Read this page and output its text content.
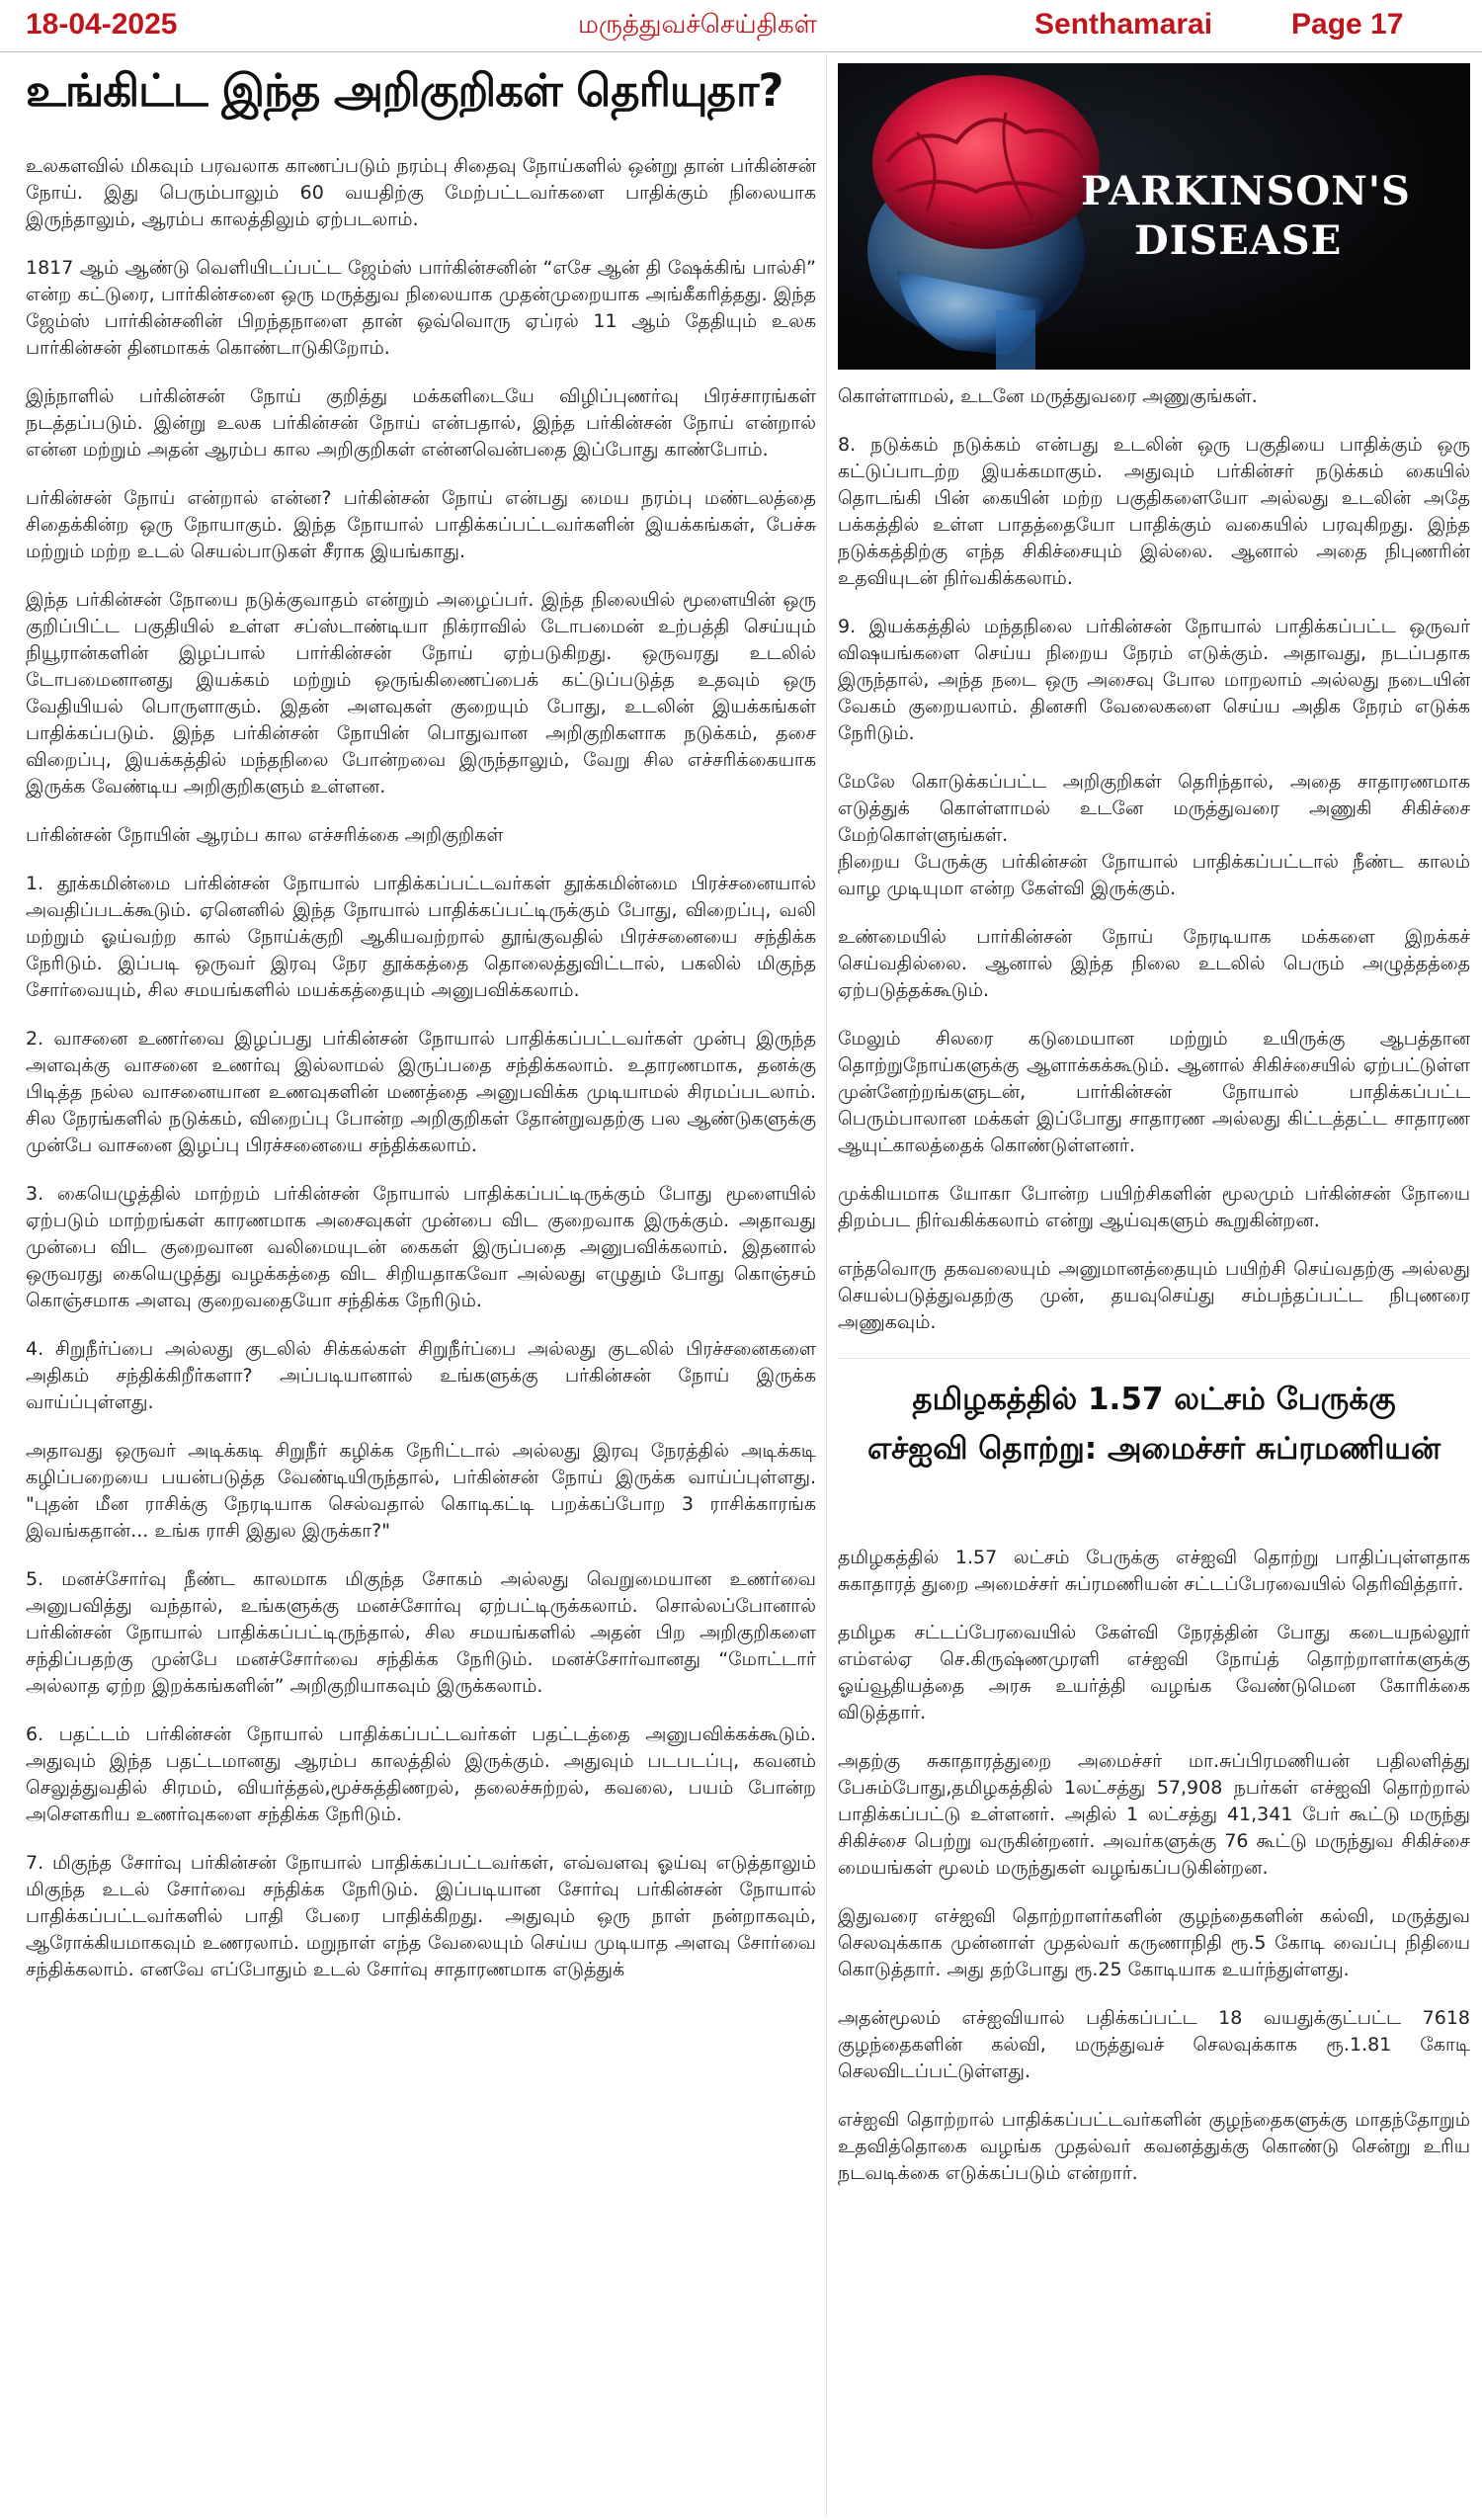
18-04-2025	மருத்துவச்செய்திகள்	Senthamarai	Page 17
உங்கிட்ட இந்த அறிகுறிகள் தெரியுதா?

உலகளவில் மிகவும் பரவலாக காணப்படும் நரம்பு சிதைவு நோய்களில் ஒன்று தான் பர்கின்சன் நோய். இது பெரும்பாலும் 60 வயதிற்கு மேற்பட்டவர்களை பாதிக்கும் நிலையாக இருந்தாலும், ஆரம்ப காலத்திலும் ஏற்படலாம்.

1817 ஆம் ஆண்டு வெளியிடப்பட்ட ஜேம்ஸ் பார்கின்சனின் “எசே ஆன் தி ஷேக்கிங் பால்சி” என்ற கட்டுரை, பார்கின்சனை ஒரு மருத்துவ நிலையாக முதன்முறையாக அங்கீகரித்தது. இந்த ஜேம்ஸ் பார்கின்சனின் பிறந்தநாளை தான் ஒவ்வொரு ஏப்ரல் 11 ஆம் தேதியும் உலக பார்கின்சன் தினமாகக் கொண்டாடுகிறோம்.

இந்நாளில் பர்கின்சன் நோய் குறித்து மக்களிடையே விழிப்புணர்வு பிரச்சாரங்கள் நடத்தப்படும். இன்று உலக பர்கின்சன் நோய் என்பதால், இந்த பர்கின்சன் நோய் என்றால் என்ன மற்றும் அதன் ஆரம்ப கால அறிகுறிகள் என்னவென்பதை இப்போது காண்போம்.

பர்கின்சன் நோய் என்றால் என்ன? பர்கின்சன் நோய் என்பது மைய நரம்பு மண்டலத்தை சிதைக்கின்ற ஒரு நோயாகும். இந்த நோயால் பாதிக்கப்பட்டவர்களின் இயக்கங்கள், பேச்சு மற்றும் மற்ற உடல் செயல்பாடுகள் சீராக இயங்காது.

இந்த பர்கின்சன் நோயை நடுக்குவாதம் என்றும் அழைப்பர். இந்த நிலையில் மூளையின் ஒரு குறிப்பிட்ட பகுதியில் உள்ள சப்ஸ்டாண்டியா நிக்ராவில் டோபமைன் உற்பத்தி செய்யும் நியூரான்களின் இழப்பால் பார்கின்சன் நோய் ஏற்படுகிறது. ஒருவரது உடலில் டோபமைனானது இயக்கம் மற்றும் ஒருங்கிணைப்பைக் கட்டுப்படுத்த உதவும் ஒரு வேதியியல் பொருளாகும். இதன் அளவுகள் குறையும் போது, உடலின் இயக்கங்கள் பாதிக்கப்படும். இந்த பர்கின்சன் நோயின் பொதுவான அறிகுறிகளாக நடுக்கம், தசை விறைப்பு, இயக்கத்தில் மந்தநிலை போன்றவை இருந்தாலும், வேறு சில எச்சரிக்கையாக இருக்க வேண்டிய அறிகுறிகளும் உள்ளன.

பர்கின்சன் நோயின் ஆரம்ப கால எச்சரிக்கை அறிகுறிகள்

1. தூக்கமின்மை பர்கின்சன் நோயால் பாதிக்கப்பட்டவர்கள் தூக்கமின்மை பிரச்சனையால் அவதிப்படக்கூடும். ஏனெனில் இந்த நோயால் பாதிக்கப்பட்டிருக்கும் போது, விறைப்பு, வலி மற்றும் ஓய்வற்ற கால் நோய்க்குறி ஆகியவற்றால் தூங்குவதில் பிரச்சனையை சந்திக்க நேரிடும். இப்படி ஒருவர் இரவு நேர தூக்கத்தை தொலைத்துவிட்டால், பகலில் மிகுந்த சோர்வையும், சில சமயங்களில் மயக்கத்தையும் அனுபவிக்கலாம்.

2. வாசனை உணர்வை இழப்பது பர்கின்சன் நோயால் பாதிக்கப்பட்டவர்கள் முன்பு இருந்த அளவுக்கு வாசனை உணர்வு இல்லாமல் இருப்பதை சந்திக்கலாம். உதாரணமாக, தனக்கு பிடித்த நல்ல வாசனையான உணவுகளின் மணத்தை அனுபவிக்க முடியாமல் சிரமப்படலாம். சில நேரங்களில் நடுக்கம், விறைப்பு போன்ற அறிகுறிகள் தோன்றுவதற்கு பல ஆண்டுகளுக்கு முன்பே வாசனை இழப்பு பிரச்சனையை சந்திக்கலாம்.

3. கையெழுத்தில் மாற்றம் பர்கின்சன் நோயால் பாதிக்கப்பட்டிருக்கும் போது மூளையில் ஏற்படும் மாற்றங்கள் காரணமாக அசைவுகள் முன்பை விட குறைவாக இருக்கும். அதாவது முன்பை விட குறைவான வலிமையுடன் கைகள் இருப்பதை அனுபவிக்கலாம். இதனால் ஒருவரது கையெழுத்து வழக்கத்தை விட சிறியதாகவோ அல்லது எழுதும் போது கொஞ்சம் கொஞ்சமாக அளவு குறைவதையோ சந்திக்க நேரிடும்.

4. சிறுநீர்ப்பை அல்லது குடலில் சிக்கல்கள் சிறுநீர்ப்பை அல்லது குடலில் பிரச்சனைகளை அதிகம் சந்திக்கிறீர்களா? அப்படியானால் உங்களுக்கு பர்கின்சன் நோய் இருக்க வாய்ப்புள்ளது.

அதாவது ஒருவர் அடிக்கடி சிறுநீர் கழிக்க நேரிட்டால் அல்லது இரவு நேரத்தில் அடிக்கடி கழிப்பறையை பயன்படுத்த வேண்டியிருந்தால், பர்கின்சன் நோய் இருக்க வாய்ப்புள்ளது. "புதன் மீன ராசிக்கு நேரடியாக செல்வதால் கொடிகட்டி பறக்கப்போற 3 ராசிக்காரங்க இவங்கதான்... உங்க ராசி இதுல இருக்கா?"

5. மனச்சோர்வு நீண்ட காலமாக மிகுந்த சோகம் அல்லது வெறுமையான உணர்வை அனுபவித்து வந்தால், உங்களுக்கு மனச்சோர்வு ஏற்பட்டிருக்கலாம். சொல்லப்போனால் பர்கின்சன் நோயால் பாதிக்கப்பட்டிருந்தால், சில சமயங்களில் அதன் பிற அறிகுறிகளை சந்திப்பதற்கு முன்பே மனச்சோர்வை சந்திக்க நேரிடும். மனச்சோர்வானது “மோட்டார் அல்லாத ஏற்ற இறக்கங்களின்” அறிகுறியாகவும் இருக்கலாம்.

6. பதட்டம் பர்கின்சன் நோயால் பாதிக்கப்பட்டவர்கள் பதட்டத்தை அனுபவிக்கக்கூடும். அதுவும் இந்த பதட்டமானது ஆரம்ப காலத்தில் இருக்கும். அதுவும் படபடப்பு, கவனம் செலுத்துவதில் சிரமம், வியர்த்தல்,மூச்சுத்திணறல், தலைச்சுற்றல், கவலை, பயம் போன்ற அசௌகரிய உணர்வுகளை சந்திக்க நேரிடும்.

7. மிகுந்த சோர்வு பர்கின்சன் நோயால் பாதிக்கப்பட்டவர்கள், எவ்வளவு ஓய்வு எடுத்தாலும் மிகுந்த உடல் சோர்வை சந்திக்க நேரிடும். இப்படியான சோர்வு பர்கின்சன் நோயால் பாதிக்கப்பட்டவர்களில் பாதி பேரை பாதிக்கிறது. அதுவும் ஒரு நாள் நன்றாகவும், ஆரோக்கியமாகவும் உணரலாம். மறுநாள் எந்த வேலையும் செய்ய முடியாத அளவு சோர்வை சந்திக்கலாம். எனவே எப்போதும் உடல் சோர்வு சாதாரணமாக எடுத்துக்

PARKINSON'S
DISEASE

கொள்ளாமல், உடனே மருத்துவரை அணுகுங்கள்.

8. நடுக்கம் நடுக்கம் என்பது உடலின் ஒரு பகுதியை பாதிக்கும் ஒரு கட்டுப்பாடற்ற இயக்கமாகும். அதுவும் பர்கின்சர் நடுக்கம் கையில் தொடங்கி பின் கையின் மற்ற பகுதிகளையோ அல்லது உடலின் அதே பக்கத்தில் உள்ள பாதத்தையோ பாதிக்கும் வகையில் பரவுகிறது. இந்த நடுக்கத்திற்கு எந்த சிகிச்சையும் இல்லை. ஆனால் அதை நிபுணரின் உதவியுடன் நிர்வகிக்கலாம்.

9. இயக்கத்தில் மந்தநிலை பர்கின்சன் நோயால் பாதிக்கப்பட்ட ஒருவர் விஷயங்களை செய்ய நிறைய நேரம் எடுக்கும். அதாவது, நடப்பதாக இருந்தால், அந்த நடை ஒரு அசைவு போல மாறலாம் அல்லது நடையின் வேகம் குறையலாம். தினசரி வேலைகளை செய்ய அதிக நேரம் எடுக்க நேரிடும்.

மேலே கொடுக்கப்பட்ட அறிகுறிகள் தெரிந்தால், அதை சாதாரணமாக எடுத்துக் கொள்ளாமல் உடனே மருத்துவரை அணுகி சிகிச்சை மேற்கொள்ளுங்கள்.
நிறைய பேருக்கு பர்கின்சன் நோயால் பாதிக்கப்பட்டால் நீண்ட காலம் வாழ முடியுமா என்ற கேள்வி இருக்கும்.

உண்மையில் பார்கின்சன் நோய் நேரடியாக மக்களை இறக்கச் செய்வதில்லை. ஆனால் இந்த நிலை உடலில் பெரும் அழுத்தத்தை ஏற்படுத்தக்கூடும்.

மேலும் சிலரை கடுமையான மற்றும் உயிருக்கு ஆபத்தான தொற்றுநோய்களுக்கு ஆளாக்கக்கூடும். ஆனால் சிகிச்சையில் ஏற்பட்டுள்ள முன்னேற்றங்களுடன், பார்கின்சன் நோயால் பாதிக்கப்பட்ட பெரும்பாலான மக்கள் இப்போது சாதாரண அல்லது கிட்டத்தட்ட சாதாரண ஆயுட்காலத்தைக் கொண்டுள்ளனர்.

முக்கியமாக யோகா போன்ற பயிற்சிகளின் மூலமும் பர்கின்சன் நோயை திறம்பட நிர்வகிக்கலாம் என்று ஆய்வுகளும் கூறுகின்றன.

எந்தவொரு தகவலையும் அனுமானத்தையும் பயிற்சி செய்வதற்கு அல்லது செயல்படுத்துவதற்கு முன், தயவுசெய்து சம்பந்தப்பட்ட நிபுணரை அணுகவும்.

தமிழகத்தில் 1.57 லட்சம் பேருக்கு
எச்ஐவி தொற்று: அமைச்சர் சுப்ரமணியன்

தமிழகத்தில் 1.57 லட்சம் பேருக்கு எச்ஐவி தொற்று பாதிப்புள்ளதாக சுகாதாரத் துறை அமைச்சர் சுப்ரமணியன் சட்டப்பேரவையில் தெரிவித்தார்.

தமிழக சட்டப்பேரவையில் கேள்வி நேரத்தின் போது கடையநல்லூர் எம்எல்ஏ செ.கிருஷ்ணமுரளி எச்ஐவி நோய்த் தொற்றாளர்களுக்கு ஓய்வூதியத்தை அரசு உயர்த்தி வழங்க வேண்டுமென கோரிக்கை விடுத்தார்.

அதற்கு சுகாதாரத்துறை அமைச்சர் மா.சுப்பிரமணியன் பதிலளித்து பேசும்போது,தமிழகத்தில் 1லட்சத்து 57,908 நபர்கள் எச்ஐவி தொற்றால் பாதிக்கப்பட்டு உள்ளனர். அதில் 1 லட்சத்து 41,341 பேர் கூட்டு மருந்து சிகிச்சை பெற்று வருகின்றனர். அவர்களுக்கு 76 கூட்டு மருந்துவ சிகிச்சை மையங்கள் மூலம் மருந்துகள் வழங்கப்படுகின்றன.

இதுவரை எச்ஐவி தொற்றாளர்களின் குழந்தைகளின் கல்வி, மருத்துவ செலவுக்காக முன்னாள் முதல்வர் கருணாநிதி ரூ.5 கோடி வைப்பு நிதியை கொடுத்தார். அது தற்போது ரூ.25 கோடியாக உயர்ந்துள்ளது.

அதன்மூலம் எச்ஐவியால் பதிக்கப்பட்ட 18 வயதுக்குட்பட்ட 7618 குழந்தைகளின் கல்வி, மருத்துவச் செலவுக்காக ரூ.1.81 கோடி செலவிடப்பட்டுள்ளது.

எச்ஐவி தொற்றால் பாதிக்கப்பட்டவர்களின் குழந்தைகளுக்கு மாதந்தோறும் உதவித்தொகை வழங்க முதல்வர் கவனத்துக்கு கொண்டு சென்று உரிய நடவடிக்கை எடுக்கப்படும் என்றார்.
